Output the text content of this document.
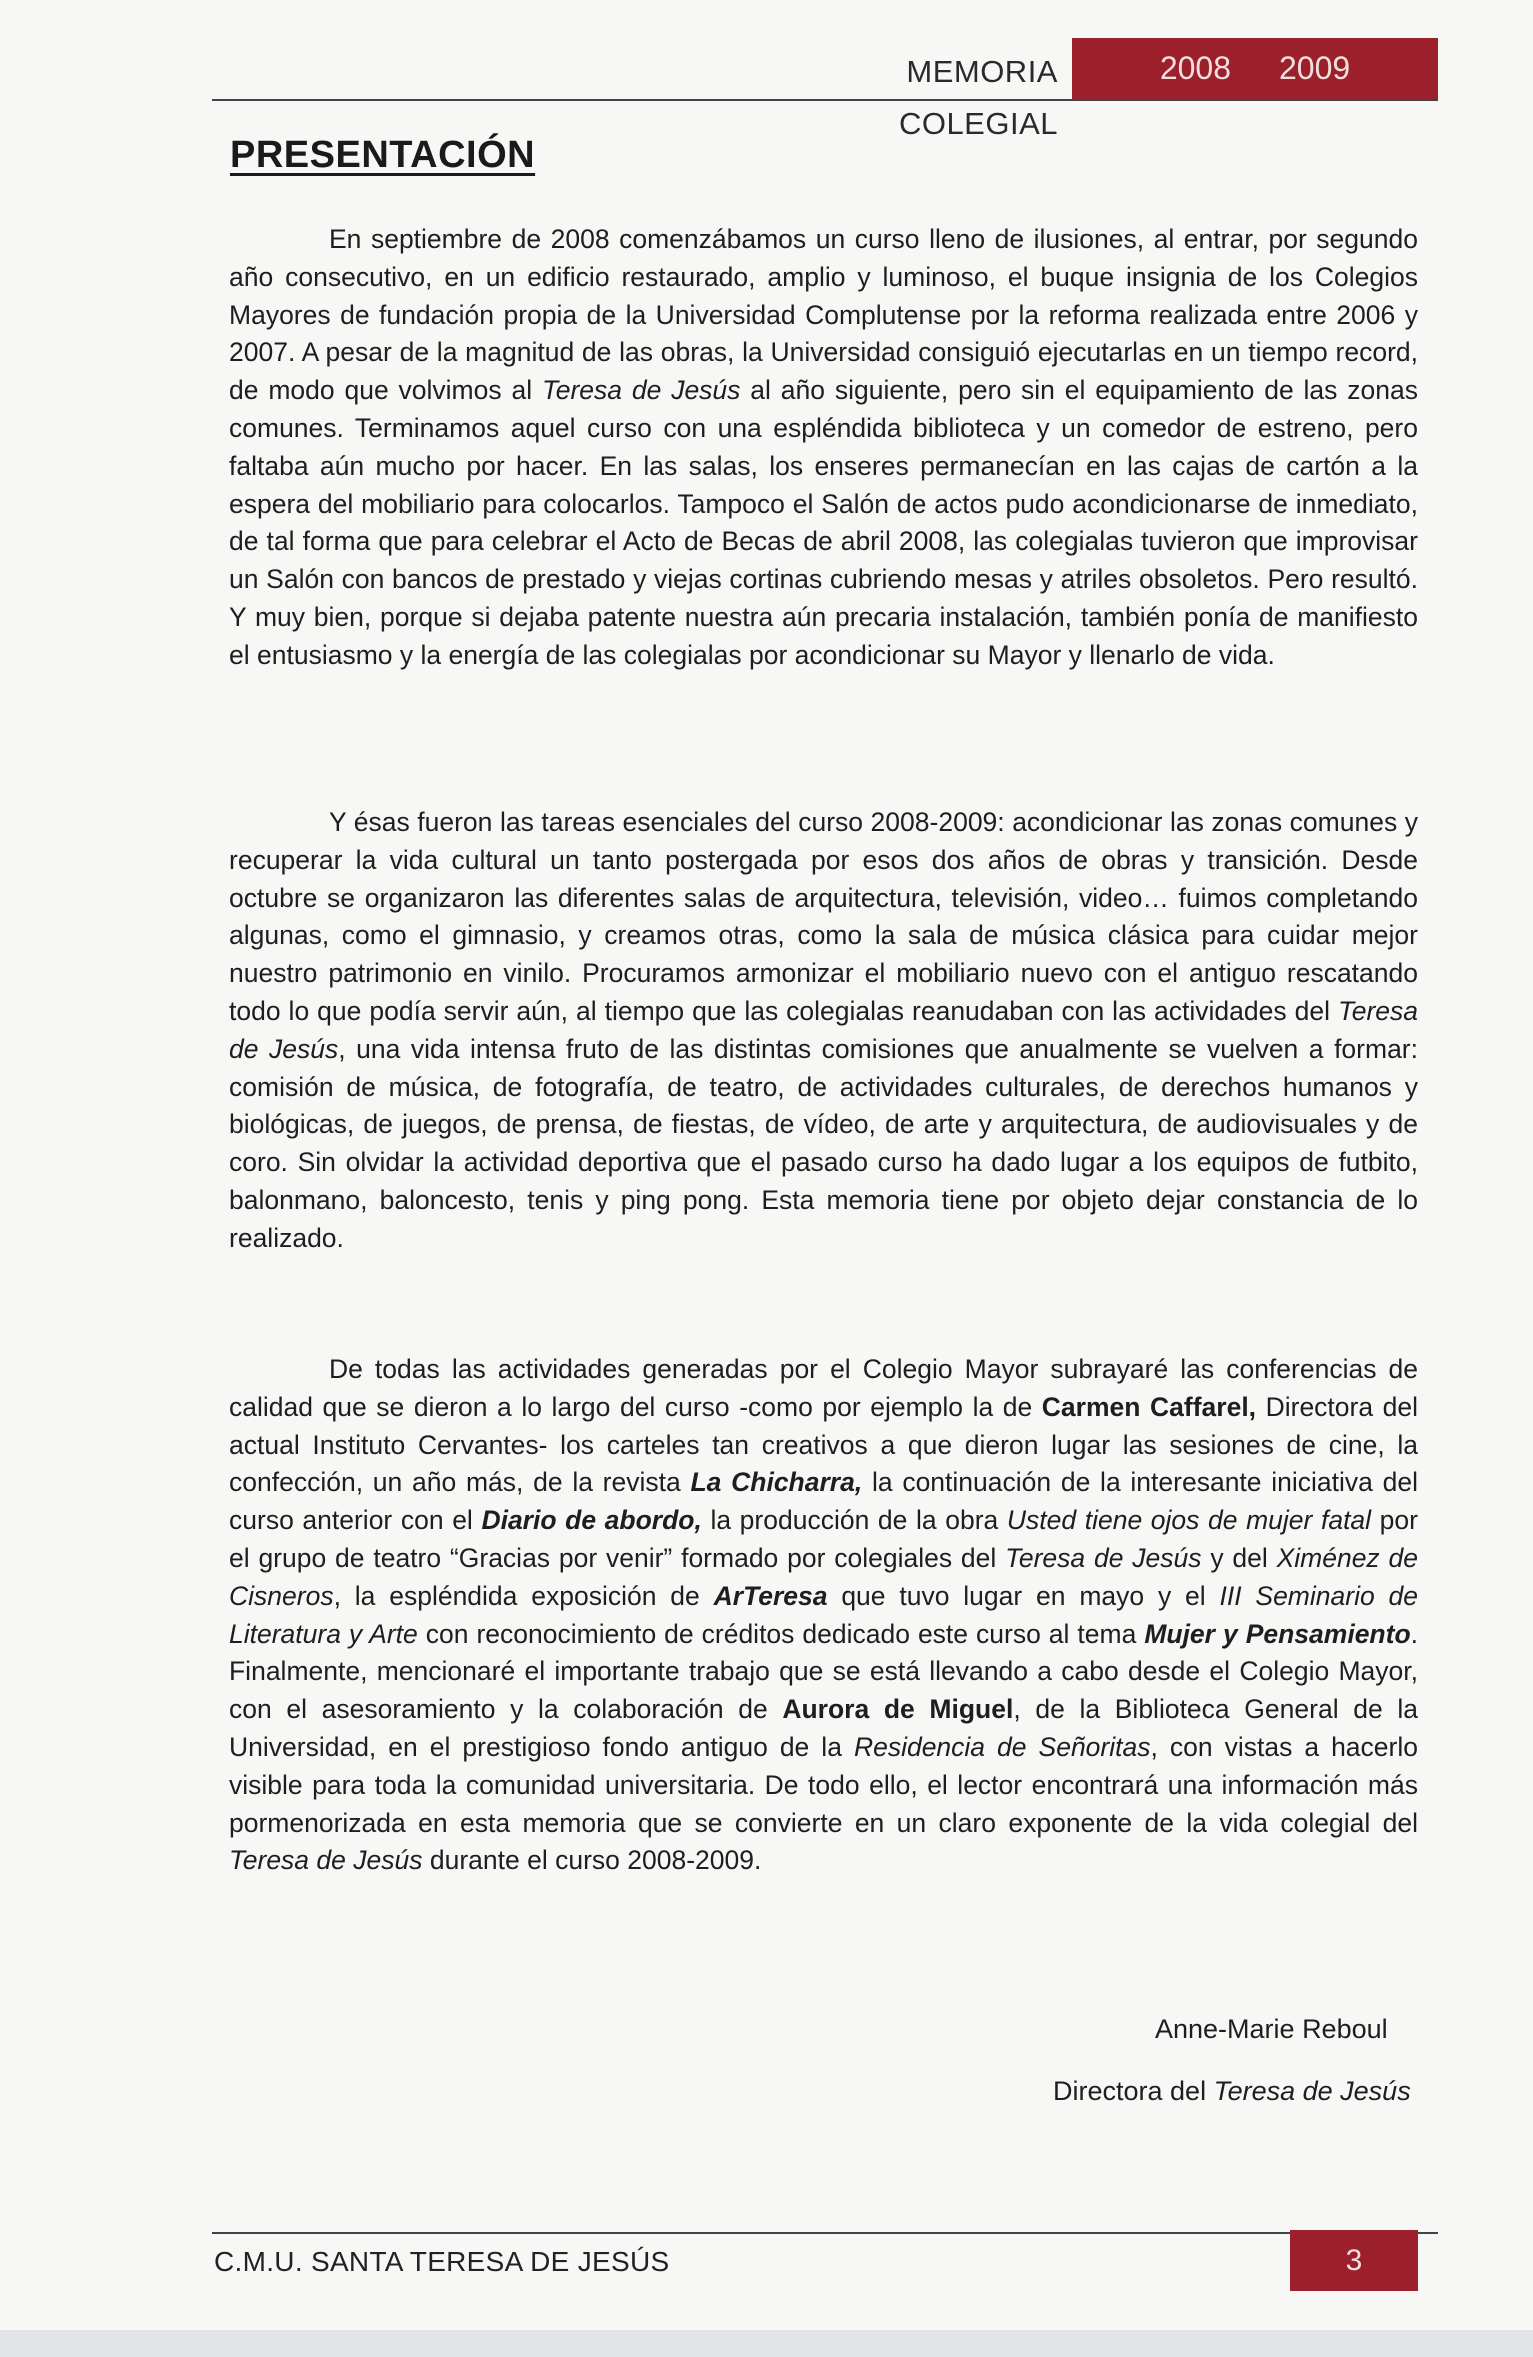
MEMORIA COLEGIAL
2008 2009
PRESENTACIÓN

En septiembre de 2008 comenzábamos un curso lleno de ilusiones, al entrar, por segundo año consecutivo, en un edificio restaurado, amplio y luminoso, el buque insignia de los Colegios Mayores de fundación propia de la Universidad Complutense por la reforma realizada entre 2006 y 2007. A pesar de la magnitud de las obras, la Universidad consiguió ejecutarlas en un tiempo record, de modo que volvimos al Teresa de Jesús al año siguiente, pero sin el equipamiento de las zonas comunes. Terminamos aquel curso con una espléndida biblioteca y un comedor de estreno, pero faltaba aún mucho por hacer. En las salas, los enseres permanecían en las cajas de cartón a la espera del mobiliario para colocarlos. Tampoco el Salón de actos pudo acondicionarse de inmediato, de tal forma que para celebrar el Acto de Becas de abril 2008, las colegialas tuvieron que improvisar un Salón con bancos de prestado y viejas cortinas cubriendo mesas y atriles obsoletos. Pero resultó. Y muy bien, porque si dejaba patente nuestra aún precaria instalación, también ponía de manifiesto el entusiasmo y la energía de las colegialas por acondicionar su Mayor y llenarlo de vida.

Y ésas fueron las tareas esenciales del curso 2008-2009: acondicionar las zonas comunes y recuperar la vida cultural un tanto postergada por esos dos años de obras y transición. Desde octubre se organizaron las diferentes salas de arquitectura, televisión, video… fuimos completando algunas, como el gimnasio, y creamos otras, como la sala de música clásica para cuidar mejor nuestro patrimonio en vinilo. Procuramos armonizar el mobiliario nuevo con el antiguo rescatando todo lo que podía servir aún, al tiempo que las colegialas reanudaban con las actividades del Teresa de Jesús, una vida intensa fruto de las distintas comisiones que anualmente se vuelven a formar: comisión de música, de fotografía, de teatro, de actividades culturales, de derechos humanos y biológicas, de juegos, de prensa, de fiestas, de vídeo, de arte y arquitectura, de audiovisuales y de coro. Sin olvidar la actividad deportiva que el pasado curso ha dado lugar a los equipos de futbito, balonmano, baloncesto, tenis y ping pong. Esta memoria tiene por objeto dejar constancia de lo realizado.

De todas las actividades generadas por el Colegio Mayor subrayaré las conferencias de calidad que se dieron a lo largo del curso -como por ejemplo la de Carmen Caffarel, Directora del actual Instituto Cervantes- los carteles tan creativos a que dieron lugar las sesiones de cine, la confección, un año más, de la revista La Chicharra, la continuación de la interesante iniciativa del curso anterior con el Diario de abordo, la producción de la obra Usted tiene ojos de mujer fatal por el grupo de teatro “Gracias por venir” formado por colegiales del Teresa de Jesús y del Ximénez de Cisneros, la espléndida exposición de ArTeresa que tuvo lugar en mayo y el III Seminario de Literatura y Arte con reconocimiento de créditos dedicado este curso al tema Mujer y Pensamiento. Finalmente, mencionaré el importante trabajo que se está llevando a cabo desde el Colegio Mayor, con el asesoramiento y la colaboración de Aurora de Miguel, de la Biblioteca General de la Universidad, en el prestigioso fondo antiguo de la Residencia de Señoritas, con vistas a hacerlo visible para toda la comunidad universitaria. De todo ello, el lector encontrará una información más pormenorizada en esta memoria que se convierte en un claro exponente de la vida colegial del Teresa de Jesús durante el curso 2008-2009.

Anne-Marie Reboul
Directora del Teresa de Jesús
C.M.U. SANTA TERESA DE JESÚS	3
